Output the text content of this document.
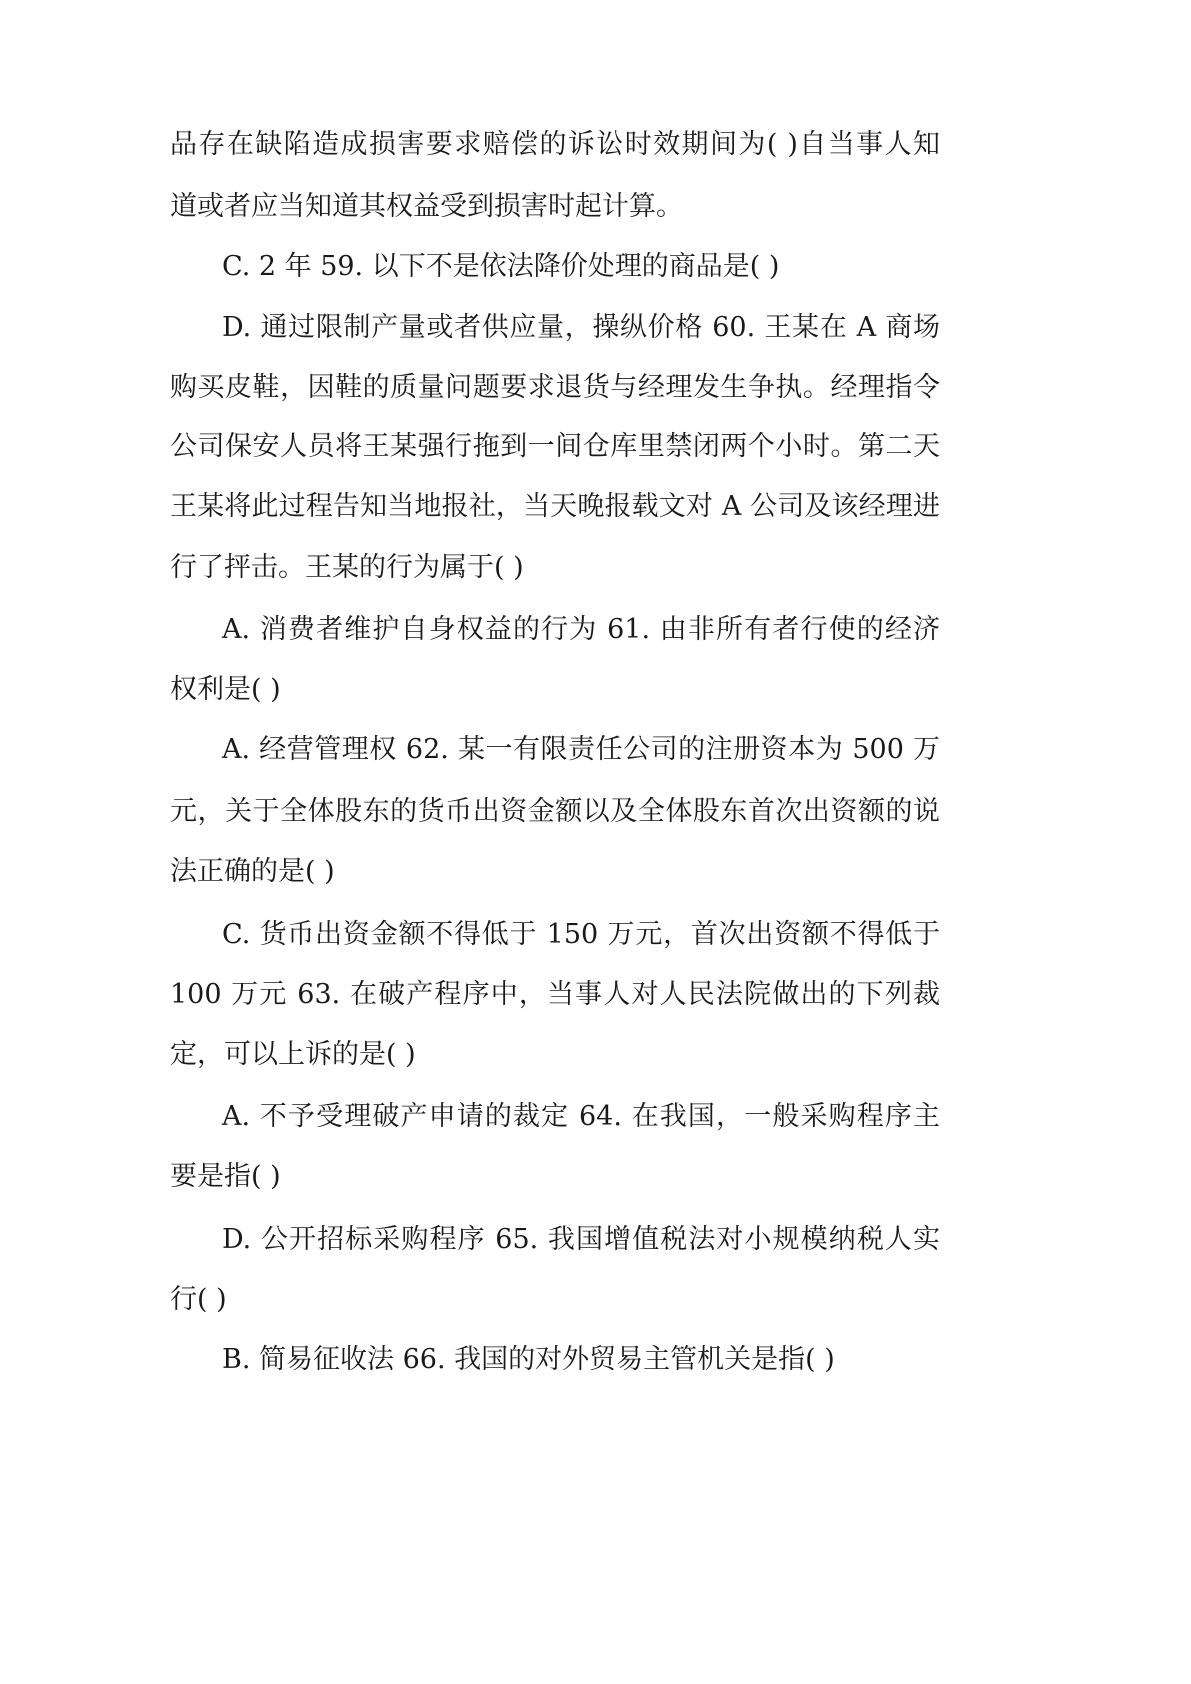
品存在缺陷造成损害要求赔偿的诉讼时效期间为( )自当事人知
道或者应当知道其权益受到损害时起计算。
C. 2 年 59. 以下不是依法降价处理的商品是( )
D. 通过限制产量或者供应量，操纵价格 60. 王某在 A 商场
购买皮鞋，因鞋的质量问题要求退货与经理发生争执。经理指令
公司保安人员将王某强行拖到一间仓库里禁闭两个小时。第二天
王某将此过程告知当地报社，当天晚报载文对 A 公司及该经理进
行了抨击。王某的行为属于( )
A. 消费者维护自身权益的行为 61. 由非所有者行使的经济
权利是( )
A. 经营管理权 62. 某一有限责任公司的注册资本为 500 万
元，关于全体股东的货币出资金额以及全体股东首次出资额的说
法正确的是( )
C. 货币出资金额不得低于 150 万元，首次出资额不得低于
100 万元 63. 在破产程序中，当事人对人民法院做出的下列裁
定，可以上诉的是( )
A. 不予受理破产申请的裁定 64. 在我国，一般采购程序主
要是指( )
D. 公开招标采购程序 65. 我国增值税法对小规模纳税人实
行( )
B. 简易征收法 66. 我国的对外贸易主管机关是指( )
